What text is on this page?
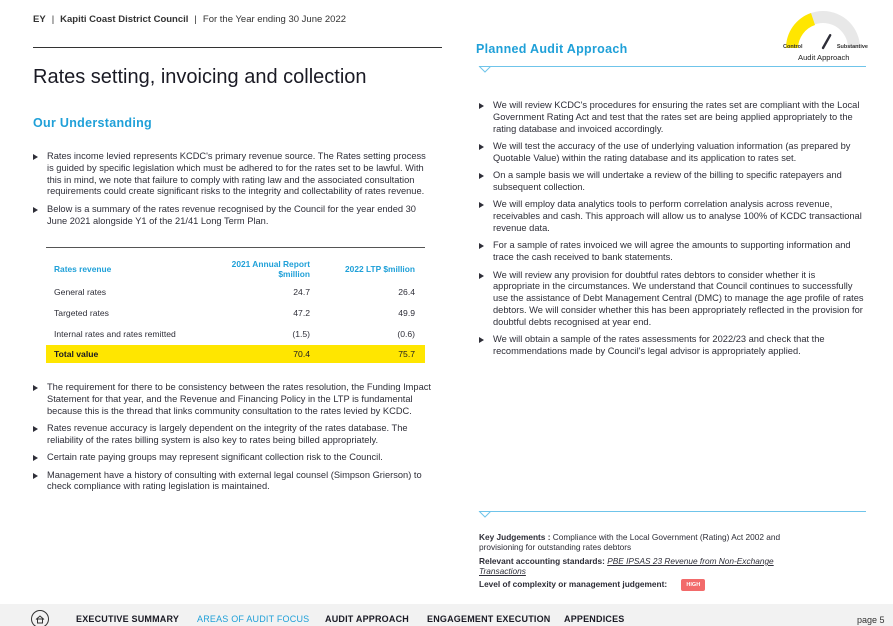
EY | Kapiti Coast District Council | For the Year ending 30 June 2022
Rates setting, invoicing and collection
Our Understanding
Rates income levied represents KCDC's primary revenue source. The Rates setting process is guided by specific legislation which must be adhered to for the rates set to be lawful. With this in mind, we note that failure to comply with rating law and the associated consultation requirements could create significant risks to the integrity and collectability of rates revenue.
Below is a summary of the rates revenue recognised by the Council for the year ended 30 June 2021 alongside Y1 of the 21/41 Long Term Plan.
Rates revenue	2021 Annual Report $million	2022 LTP $million
General rates	24.7	26.4
Targeted rates	47.2	49.9
Internal rates and rates remitted	(1.5)	(0.6)
Total value	70.4	75.7
The requirement for there to be consistency between the rates resolution, the Funding Impact Statement for that year, and the Revenue and Financing Policy in the LTP is fundamental because this is the thread that links community consultation to the rates levied by KCDC.
Rates revenue accuracy is largely dependent on the integrity of the rates database. The reliability of the rates billing system is also key to rates being billed appropriately.
Certain rate paying groups may represent significant collection risk to the Council.
Management have a history of consulting with external legal counsel (Simpson Grierson) to check compliance with rating legislation is maintained.
Planned Audit Approach	Control	Substantive
Audit Approach
We will review KCDC's procedures for ensuring the rates set are compliant with the Local Government Rating Act and test that the rates set are being applied appropriately to the rating database and invoiced accordingly.
We will test the accuracy of the use of underlying valuation information (as prepared by Quotable Value) within the rating database and its application to rates set.
On a sample basis we will undertake a review of the billing to specific ratepayers and subsequent collection.
We will employ data analytics tools to perform correlation analysis across revenue, receivables and cash. This approach will allow us to analyse 100% of KCDC transactional revenue data.
For a sample of rates invoiced we will agree the amounts to supporting information and trace the cash received to bank statements.
We will review any provision for doubtful rates debtors to consider whether it is appropriate in the circumstances. We understand that Council continues to successfully use the assistance of Debt Management Central (DMC) to manage the age profile of rates debtors. We will consider whether this has been appropriately reflected in the provision for doubtful debts recognised at year end.
We will obtain a sample of the rates assessments for 2022/23 and check that the recommendations made by Council's legal advisor is appropriately applied.
Key Judgements : Compliance with the Local Government (Rating) Act 2002 and provisioning for outstanding rates debtors
Relevant accounting standards: PBE IPSAS 23 Revenue from Non-Exchange Transactions
Level of complexity or management judgement:	HIGH
EXECUTIVE SUMMARY AREAS OF AUDIT FOCUS AUDIT APPROACH ENGAGEMENT EXECUTION APPENDICES	page 5
